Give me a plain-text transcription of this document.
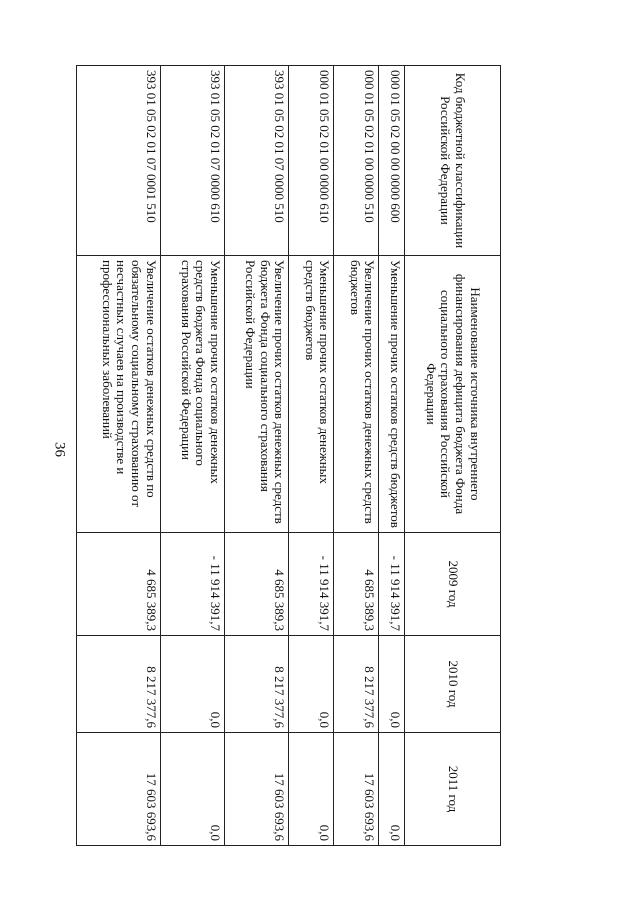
36
Код бюджетной классификации Российской Федерации	Наименование источника внутреннего финансирования дефицита бюджета Фонда социального страхования Российской Федерации	2009 год	2010 год	2011 год
000 01 05 02 00 00 0000 600	Уменьшение прочих остатков средств бюджетов	- 11 914 391,7	0,0	0,0
000 01 05 02 01 00 0000 510	Увеличение прочих остатков денежных средств бюджетов	4 685 389,3	8 217 377,6	17 603 693,6
000 01 05 02 01 00 0000 610	Уменьшение прочих остатков денежных средств бюджетов	- 11 914 391,7	0,0	0,0
393 01 05 02 01 07 0000 510	Увеличение прочих остатков денежных средств бюджета Фонда социального страхования Российской Федерации	4 685 389,3	8 217 377,6	17 603 693,6
393 01 05 02 01 07 0000 610	Уменьшение прочих остатков денежных средств бюджета Фонда социального страхования Российской Федерации	- 11 914 391,7	0,0	0,0
393 01 05 02 01 07 0001 510	Увеличение остатков денежных средств по обязательному социальному страхованию от несчастных случаев на производстве и профессиональных заболеваний	4 685 389,3	8 217 377,6	17 603 693,6
